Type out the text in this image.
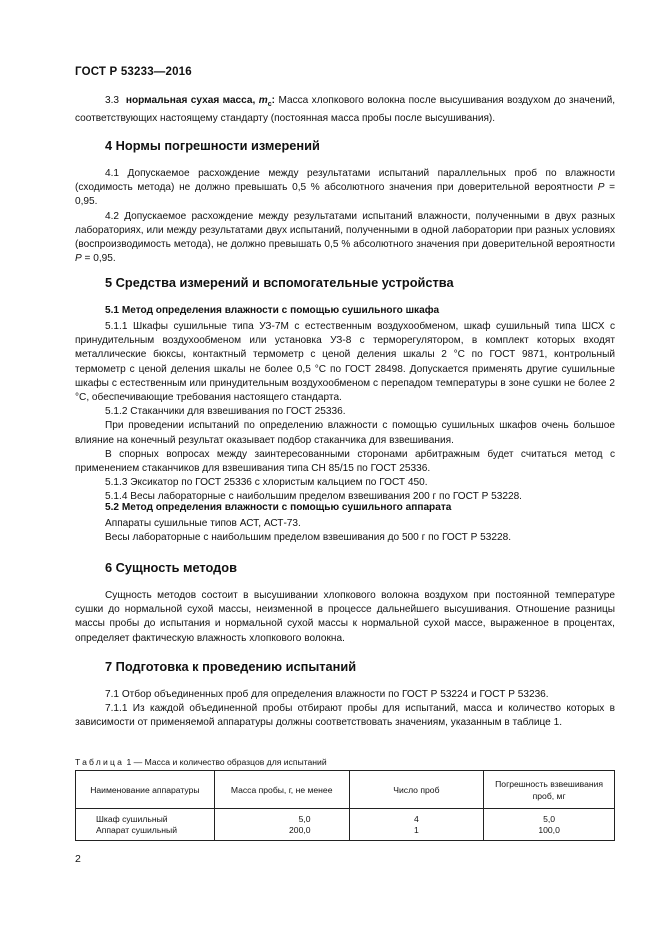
ГОСТ Р 53233—2016

3.3 нормальная сухая масса, $m_с$: Масса хлопкового волокна после высушивания воздухом до значений, соответствующих настоящему стандарту (постоянная масса пробы после высушивания).

4 Нормы погрешности измерений

4.1 Допускаемое расхождение между результатами испытаний параллельных проб по влажности (сходимость метода) не должно превышать 0,5 % абсолютного значения при доверительной вероятности P = 0,95.

4.2 Допускаемое расхождение между результатами испытаний влажности, полученными в двух разных лабораториях, или между результатами двух испытаний, полученными в одной лаборатории при разных условиях (воспроизводимость метода), не должно превышать 0,5 % абсолютного значения при доверительной вероятности P = 0,95.

5 Средства измерений и вспомогательные устройства
5.1 Метод определения влажности с помощью сушильного шкафа

5.1.1 Шкафы сушильные типа УЗ-7М с естественным воздухообменом, шкаф сушильный типа ШСХ с принудительным воздухообменом или установка УЗ-8 с терморегулятором, в комплект которых входят металлические бюксы, контактный термометр с ценой деления шкалы 2 °С по ГОСТ 9871, контрольный термометр с ценой деления шкалы не более 0,5 °С по ГОСТ 28498. Допускается применять другие сушильные шкафы с естественным или принудительным воздухообменом с перепадом температуры в зоне сушки не более 2 °С, обеспечивающие требования настоящего стандарта.

5.1.2 Стаканчики для взвешивания по ГОСТ 25336.

При проведении испытаний по определению влажности с помощью сушильных шкафов очень большое влияние на конечный результат оказывает подбор стаканчика для взвешивания.

В спорных вопросах между заинтересованными сторонами арбитражным будет считаться метод с применением стаканчиков для взвешивания типа СН 85/15 по ГОСТ 25336.

5.1.3 Эксикатор по ГОСТ 25336 с хлористым кальцием по ГОСТ 450.

5.1.4 Весы лабораторные с наибольшим пределом взвешивания 200 г по ГОСТ Р 53228.

5.2 Метод определения влажности с помощью сушильного аппарата

Аппараты сушильные типов АСТ, АСТ-73.

Весы лабораторные с наибольшим пределом взвешивания до 500 г по ГОСТ Р 53228.

6 Сущность методов

Сущность методов состоит в высушивании хлопкового волокна воздухом при постоянной температуре сушки до нормальной сухой массы, неизменной в процессе дальнейшего высушивания. Отношение разницы массы пробы до испытания и нормальной сухой массы к нормальной сухой массе, выраженное в процентах, определяет фактическую влажность хлопкового волокна.

7 Подготовка к проведению испытаний

7.1 Отбор объединенных проб для определения влажности по ГОСТ Р 53224 и ГОСТ Р 53236.

7.1.1 Из каждой объединенной пробы отбирают пробы для испытаний, масса и количество которых в зависимости от применяемой аппаратуры должны соответствовать значениям, указанным в таблице 1.

Таблица 1 — Масса и количество образцов для испытаний
Наименование аппаратуры	Масса пробы, г, не менее	Число проб	Погрешность взвешивания проб, мг
Шкаф сушильный	5,0	4	5,0
Аппарат сушильный	200,0	1	100,0
2
